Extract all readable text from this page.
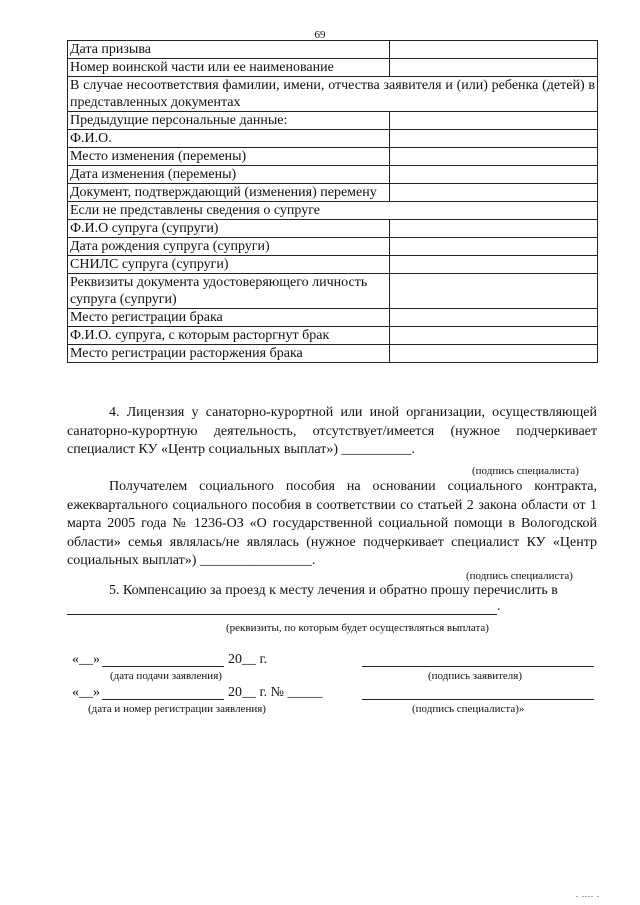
69
Дата призыва	
Номер воинской части или ее наименование	
В случае несоответствия фамилии, имени, отчества заявителя и (или) ребенка (детей) в представленных документах	
Предыдущие персональные данные:	
Ф.И.О.	
Место изменения (перемены)	
Дата изменения (перемены)	
Документ, подтверждающий (изменения) перемену	
Если не представлены сведения о супруге	
Ф.И.О супруга (супруги)	
Дата рождения супруга (супруги)	
СНИЛС супруга (супруги)	
Реквизиты документа удостоверяющего личность супруга (супруги)	
Место регистрации брака	
Ф.И.О. супруга, с которым расторгнут брак	
Место регистрации расторжения брака	

4. Лицензия у санаторно-курортной или иной организации, осуществляющей санаторно-курортную деятельность, отсутствует/имеется (нужное подчеркивает специалист КУ «Центр социальных выплат») __________.

(подпись специалиста)

Получателем социального пособия на основании социального контракта, ежеквартального социального пособия в соответствии со статьей 2 закона области от 1 марта 2005 года № 1236-ОЗ «О государственной социальной помощи в Вологодской области» семья являлась/не являлась (нужное подчеркивает специалист КУ «Центр социальных выплат») ________________.

(подпись специалиста)

5. Компенсацию за проезд к месту лечения и обратно прошу перечислить в

.
(реквизиты, по которым будет осуществляться выплата)
«__»	20__ г.
(дата подачи заявления)	(подпись заявителя)
«__»	20__ г. № _____
(дата и номер регистрации заявления)	(подпись специалиста)»
. .... .
